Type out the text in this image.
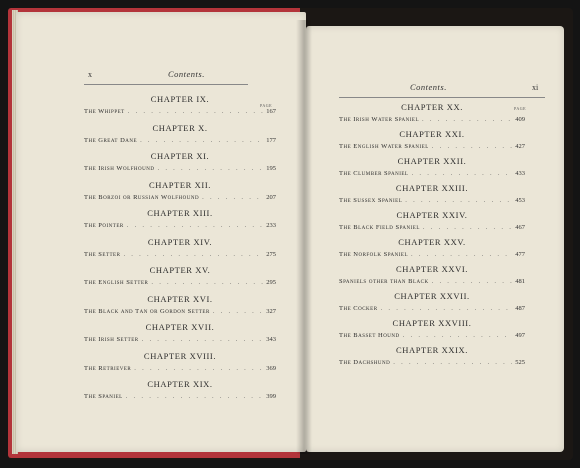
x	Contents.
PAGE
CHAPTER IX.
The Whippet . . .	167
CHAPTER X.
The Great Dane . . .	177
CHAPTER XI.
The Irish Wolfhound . . .	195
CHAPTER XII.
The Borzoi or Russian Wolfhound . . .	207
CHAPTER XIII.
The Pointer . . .	233
CHAPTER XIV.
The Setter . . .	275
CHAPTER XV.
The English Setter . . .	295
CHAPTER XVI.
The Black and Tan or Gordon Setter . . .	327
CHAPTER XVII.
The Irish Setter . . .	343
CHAPTER XVIII.
The Retriever . . .	369
CHAPTER XIX.
The Spaniel . . .	399
Contents.	xi
PAGE
CHAPTER XX.
The Irish Water Spaniel . . .	409
CHAPTER XXI.
The English Water Spaniel . . .	427
CHAPTER XXII.
The Clumber Spaniel . . .	433
CHAPTER XXIII.
The Sussex Spaniel . . .	453
CHAPTER XXIV.
The Black Field Spaniel . . .	467
CHAPTER XXV.
The Norfolk Spaniel . . .	477
CHAPTER XXVI.
Spaniels other than Black . . .	481
CHAPTER XXVII.
The Cocker . . .	487
CHAPTER XXVIII.
The Basset Hound . . .	497
CHAPTER XXIX.
The Dachshund . . .	525
